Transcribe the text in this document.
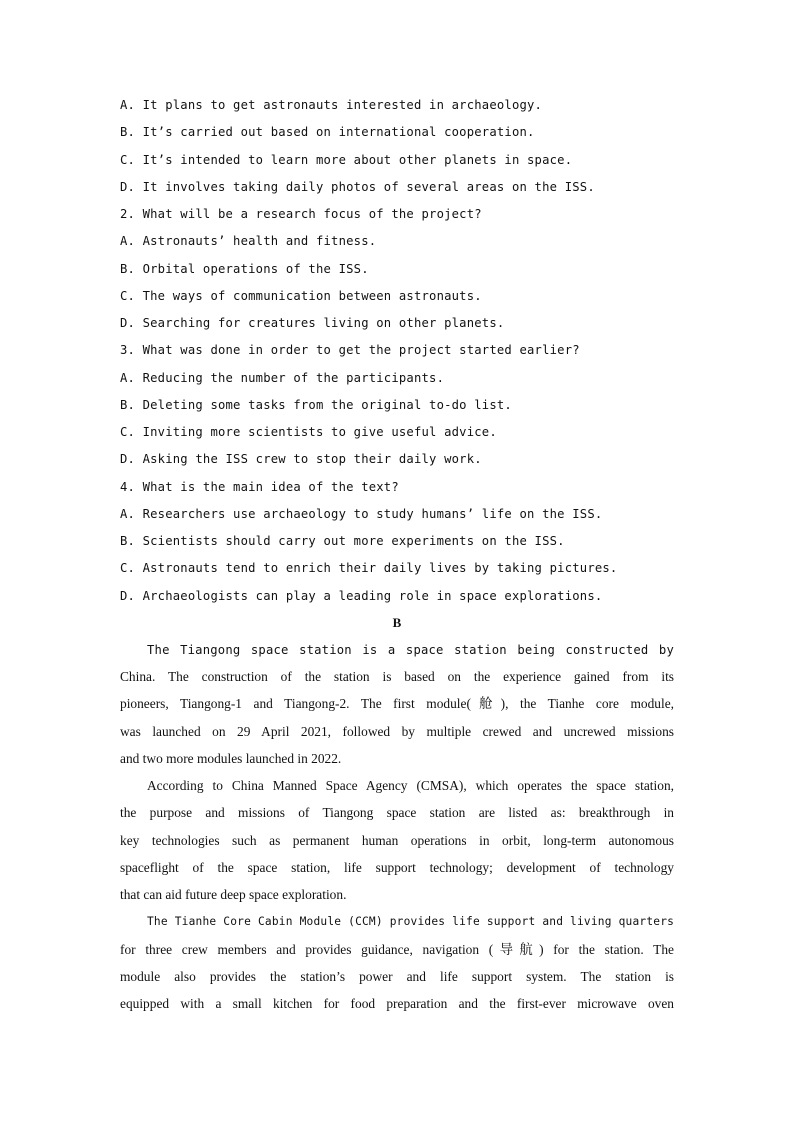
A. It plans to get astronauts interested in archaeology.
B. It’s carried out based on international cooperation.
C. It’s intended to learn more about other planets in space.
D. It involves taking daily photos of several areas on the ISS.
2. What will be a research focus of the project?
A. Astronauts’ health and fitness.
B. Orbital operations of the ISS.
C. The ways of communication between astronauts.
D. Searching for creatures living on other planets.
3. What was done in order to get the project started earlier?
A. Reducing the number of the participants.
B. Deleting some tasks from the original to-do list.
C. Inviting more scientists to give useful advice.
D. Asking the ISS crew to stop their daily work.
4. What is the main idea of the text?
A. Researchers use archaeology to study humans’ life on the ISS.
B. Scientists should carry out more experiments on the ISS.
C. Astronauts tend to enrich their daily lives by taking pictures.
D. Archaeologists can play a leading role in space explorations.
B
The Tiangong space station is a space station being constructed by
China. The construction of the station is based on the experience gained from its
pioneers, Tiangong-1 and Tiangong-2. The first module(舱), the Tianhe core module,
was launched on 29 April 2021, followed by multiple crewed and uncrewed missions
and two more modules launched in 2022.
According to China Manned Space Agency (CMSA), which operates the space station,
the purpose and missions of Tiangong space station are listed as: breakthrough in
key technologies such as permanent human operations in orbit, long-term autonomous
spaceflight of the space station, life support technology; development of technology
that can aid future deep space exploration.
The Tianhe Core Cabin Module (CCM) provides life support and living quarters
for three crew members and provides guidance, navigation (导航) for the station. The
module also provides the station’s power and life support system. The station is
equipped with a small kitchen for food preparation and the first-ever microwave oven
